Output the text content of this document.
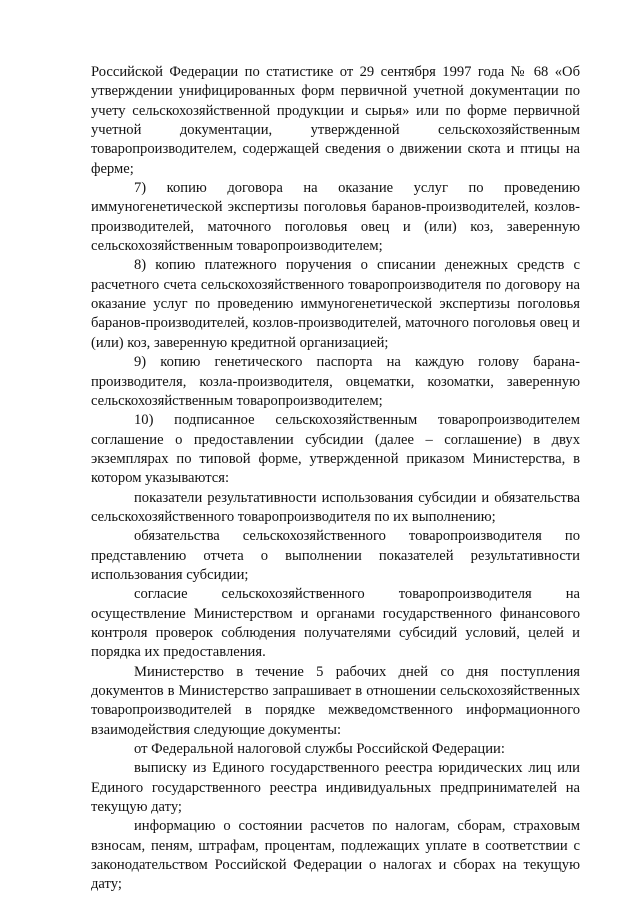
Российской Федерации по статистике от 29 сентября 1997 года № 68 «Об утверждении унифицированных форм первичной учетной документации по учету сельскохозяйственной продукции и сырья» или по форме первичной учетной документации, утвержденной сельскохозяйственным товаропроизводителем, содержащей сведения о движении скота и птицы на ферме;

7) копию договора на оказание услуг по проведению иммуногенетической экспертизы поголовья баранов-производителей, козлов-производителей, маточного поголовья овец и (или) коз, заверенную сельскохозяйственным товаропроизводителем;

8) копию платежного поручения о списании денежных средств с расчетного счета сельскохозяйственного товаропроизводителя по договору на оказание услуг по проведению иммуногенетической экспертизы поголовья баранов-производителей, козлов-производителей, маточного поголовья овец и (или) коз, заверенную кредитной организацией;

9) копию генетического паспорта на каждую голову барана-производителя, козла-производителя, овцематки, козоматки, заверенную сельскохозяйственным товаропроизводителем;

10) подписанное сельскохозяйственным товаропроизводителем соглашение о предоставлении субсидии (далее – соглашение) в двух экземплярах по типовой форме, утвержденной приказом Министерства, в котором указываются:

показатели результативности использования субсидии и обязательства сельскохозяйственного товаропроизводителя по их выполнению;

обязательства сельскохозяйственного товаропроизводителя по представлению отчета о выполнении показателей результативности использования субсидии;

согласие сельскохозяйственного товаропроизводителя на осуществление Министерством и органами государственного финансового контроля проверок соблюдения получателями субсидий условий, целей и порядка их предоставления.

Министерство в течение 5 рабочих дней со дня поступления документов в Министерство запрашивает в отношении сельскохозяйственных товаропроизводителей в порядке межведомственного информационного взаимодействия следующие документы:

от Федеральной налоговой службы Российской Федерации:

выписку из Единого государственного реестра юридических лиц или Единого государственного реестра индивидуальных предпринимателей на текущую дату;

информацию о состоянии расчетов по налогам, сборам, страховым взносам, пеням, штрафам, процентам, подлежащих уплате в соответствии с законодательством Российской Федерации о налогах и сборах на текущую дату;
